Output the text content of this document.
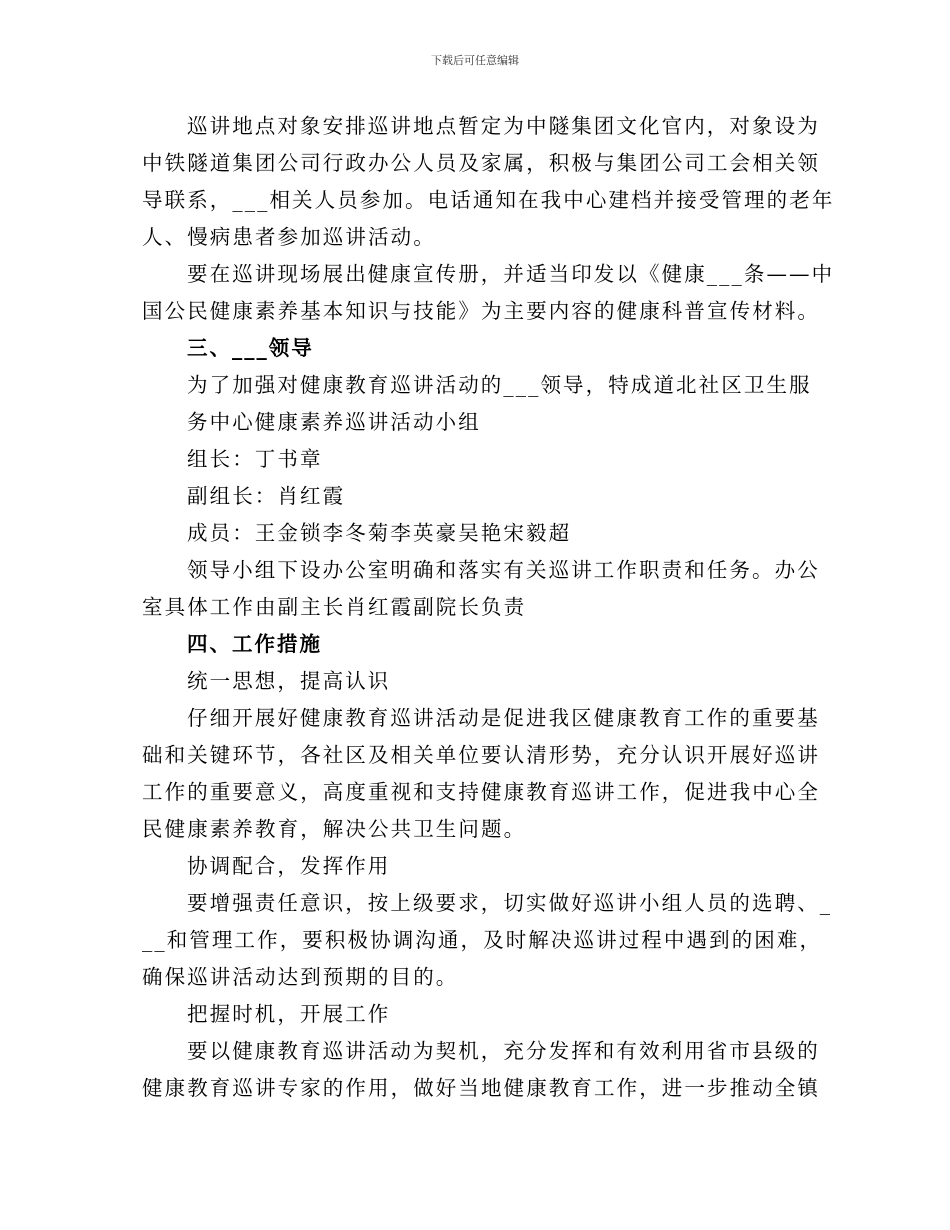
下载后可任意编辑
巡讲地点对象安排巡讲地点暂定为中隧集团文化官内，对象设为
中铁隧道集团公司行政办公人员及家属，积极与集团公司工会相关领
导联系，___相关人员参加。电话通知在我中心建档并接受管理的老年
人、慢病患者参加巡讲活动。
要在巡讲现场展出健康宣传册，并适当印发以《健康___条——中
国公民健康素养基本知识与技能》为主要内容的健康科普宣传材料。
三、___领导
为了加强对健康教育巡讲活动的___领导，特成道北社区卫生服
务中心健康素养巡讲活动小组
组长：丁书章
副组长：肖红霞
成员：王金锁李冬菊李英豪吴艳宋毅超
领导小组下设办公室明确和落实有关巡讲工作职责和任务。办公
室具体工作由副主长肖红霞副院长负责
四、工作措施
统一思想，提高认识
仔细开展好健康教育巡讲活动是促进我区健康教育工作的重要基
础和关键环节，各社区及相关单位要认清形势，充分认识开展好巡讲
工作的重要意义，高度重视和支持健康教育巡讲工作，促进我中心全
民健康素养教育，解决公共卫生问题。
协调配合，发挥作用
要增强责任意识，按上级要求，切实做好巡讲小组人员的选聘、_
__和管理工作，要积极协调沟通，及时解决巡讲过程中遇到的困难，
确保巡讲活动达到预期的目的。
把握时机，开展工作
要以健康教育巡讲活动为契机，充分发挥和有效利用省市县级的
健康教育巡讲专家的作用，做好当地健康教育工作，进一步推动全镇
